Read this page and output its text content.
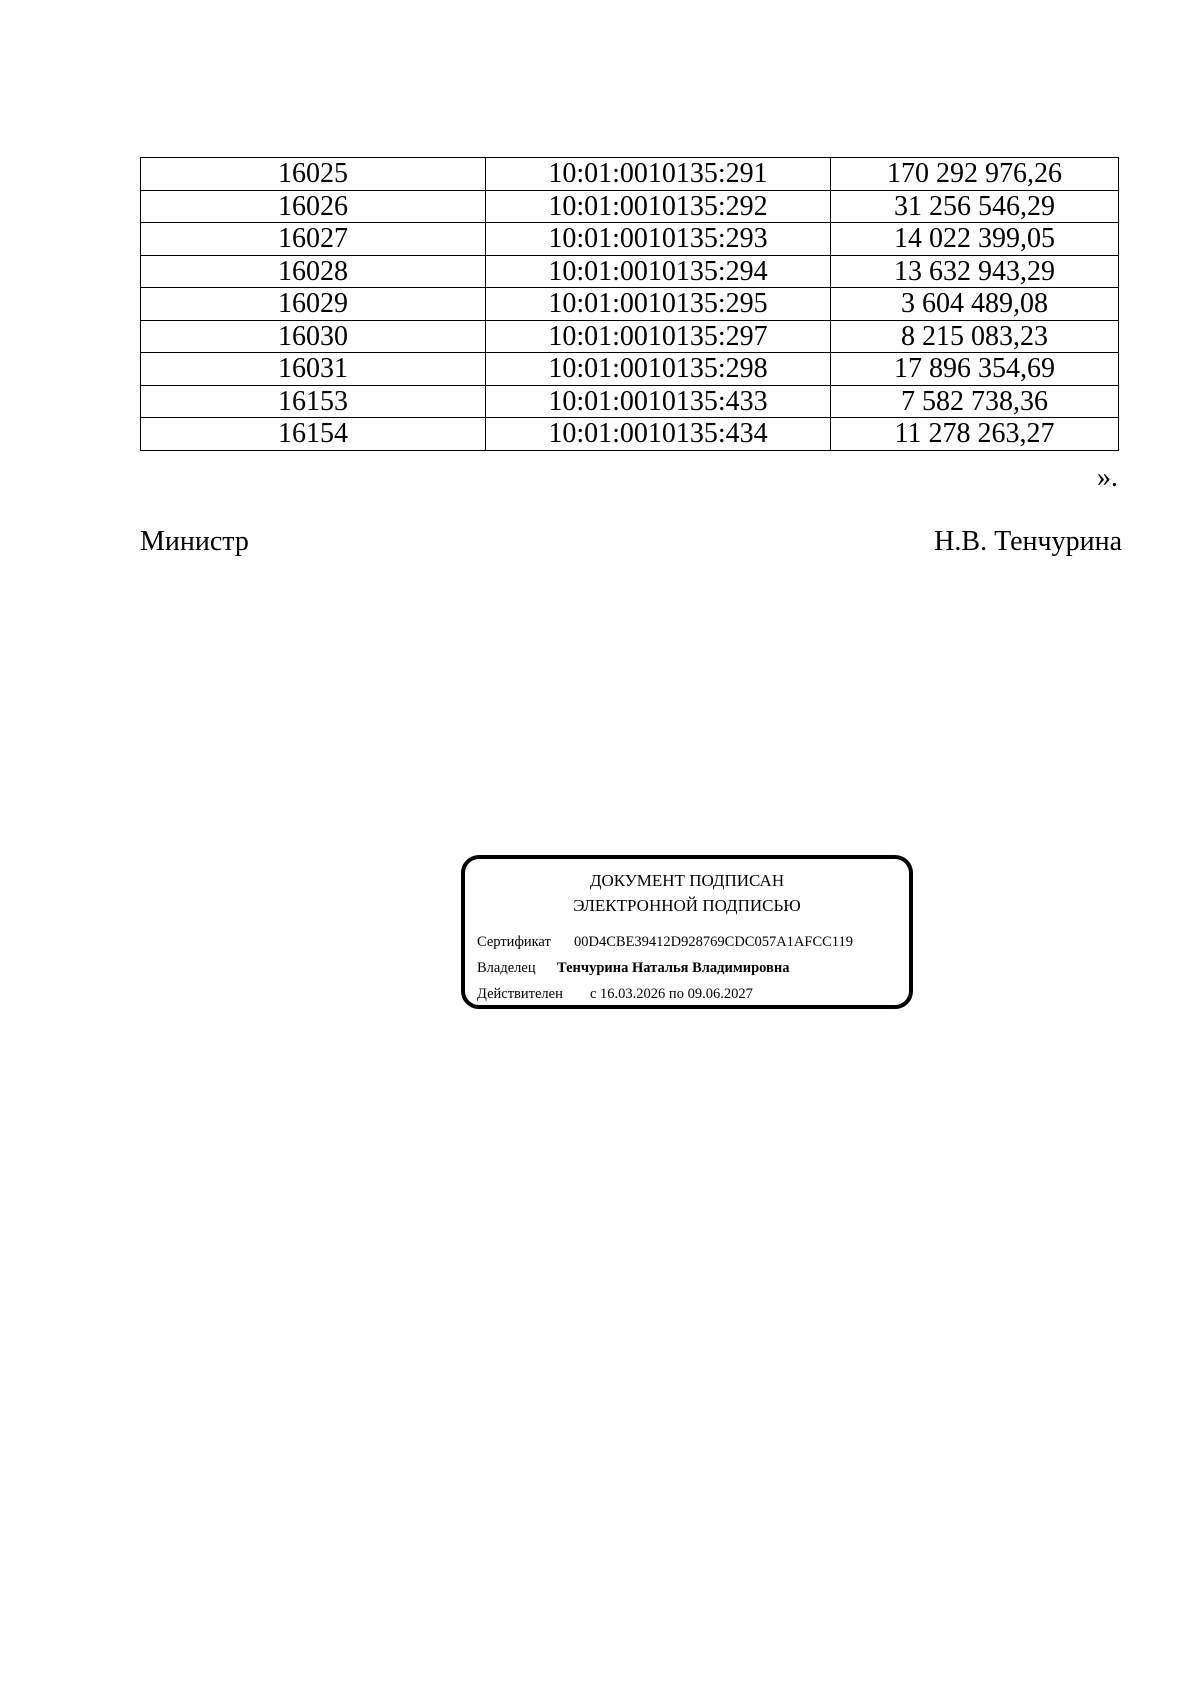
16025	10:01:0010135:291	170 292 976,26
16026	10:01:0010135:292	31 256 546,29
16027	10:01:0010135:293	14 022 399,05
16028	10:01:0010135:294	13 632 943,29
16029	10:01:0010135:295	3 604 489,08
16030	10:01:0010135:297	8 215 083,23
16031	10:01:0010135:298	17 896 354,69
16153	10:01:0010135:433	7 582 738,36
16154	10:01:0010135:434	11 278 263,27
».
Министр	Н.В. Тенчурина
ДОКУМЕНТ ПОДПИСАН
ЭЛЕКТРОННОЙ ПОДПИСЬЮ
Сертификат 00D4CBE39412D928769CDC057A1AFCC119
Владелец Тенчурина Наталья Владимировна
Действителен с 16.03.2026 по 09.06.2027
